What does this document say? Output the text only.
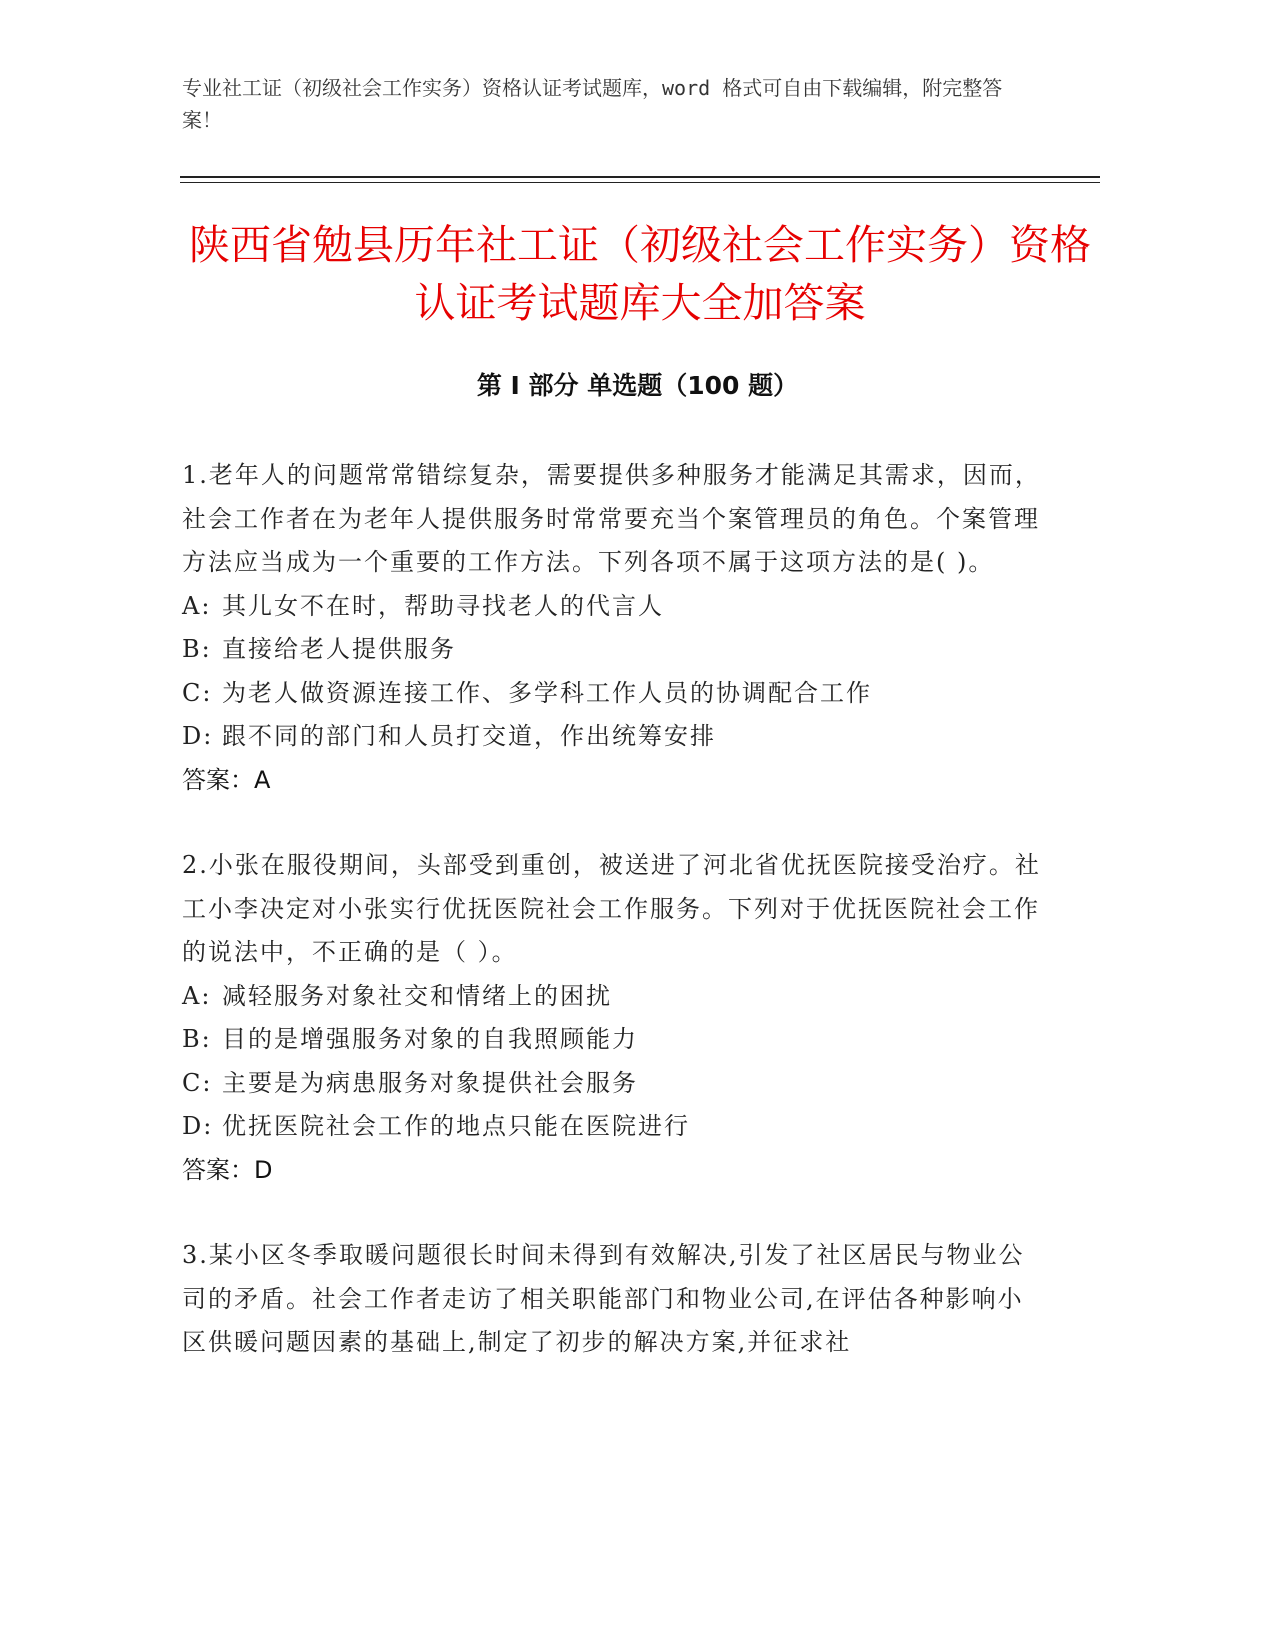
专业社工证（初级社会工作实务）资格认证考试题库，word 格式可自由下载编辑，附完整答案！
陕西省勉县历年社工证（初级社会工作实务）资格认证考试题库大全加答案
第 I 部分 单选题（100 题）

1.老年人的问题常常错综复杂，需要提供多种服务才能满足其需求，因而，社会工作者在为老年人提供服务时常常要充当个案管理员的角色。个案管理方法应当成为一个重要的工作方法。下列各项不属于这项方法的是( )。

A: 其儿女不在时，帮助寻找老人的代言人

B: 直接给老人提供服务

C: 为老人做资源连接工作、多学科工作人员的协调配合工作

D: 跟不同的部门和人员打交道，作出统筹安排

答案：A

2.小张在服役期间，头部受到重创，被送进了河北省优抚医院接受治疗。社工小李决定对小张实行优抚医院社会工作服务。下列对于优抚医院社会工作的说法中，不正确的是（ ）。

A: 减轻服务对象社交和情绪上的困扰

B: 目的是增强服务对象的自我照顾能力

C: 主要是为病患服务对象提供社会服务

D: 优抚医院社会工作的地点只能在医院进行

答案：D

3.某小区冬季取暖问题很长时间未得到有效解决,引发了社区居民与物业公司的矛盾。社会工作者走访了相关职能部门和物业公司,在评估各种影响小区供暖问题因素的基础上,制定了初步的解决方案,并征求社
